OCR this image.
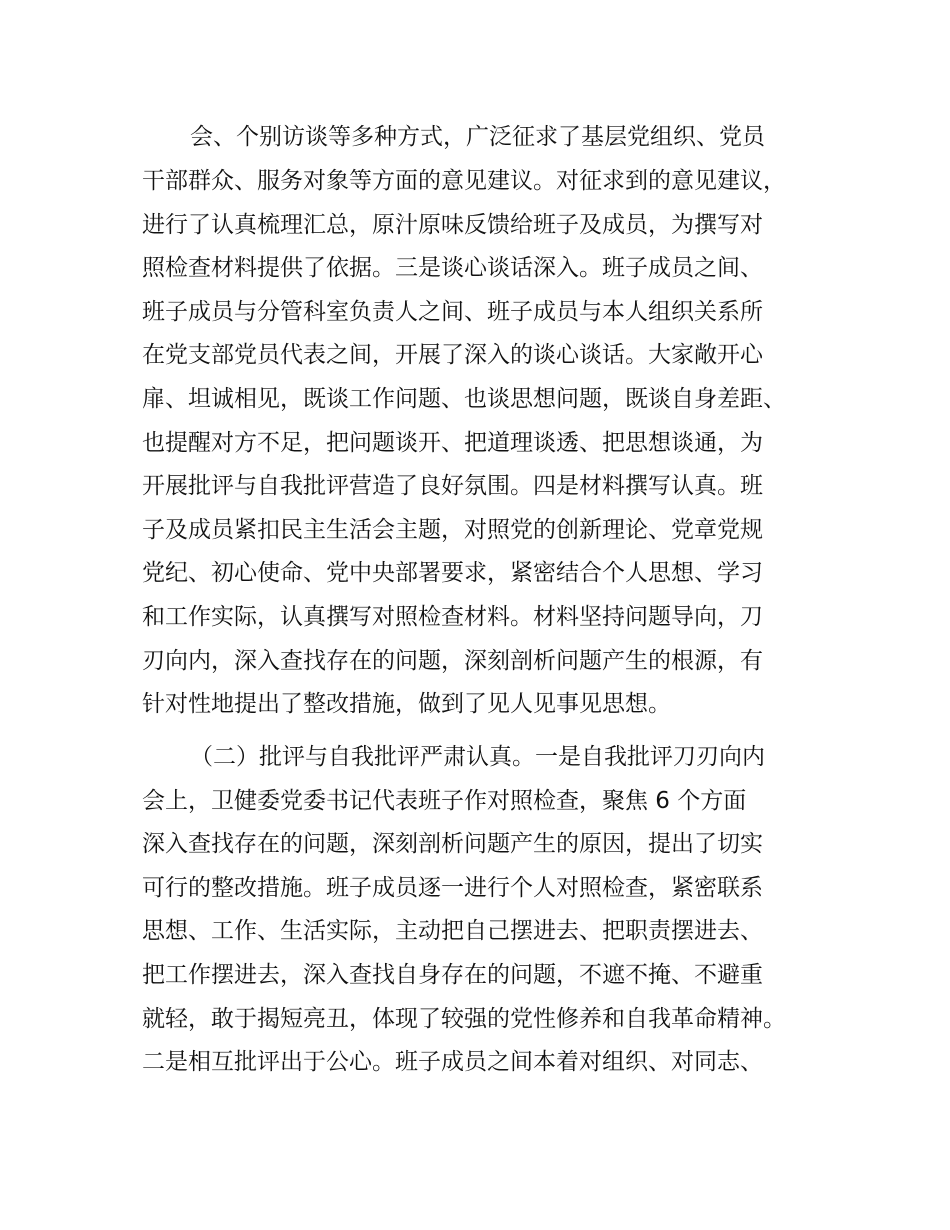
会、个别访谈等多种方式，广泛征求了基层党组织、党员
干部群众、服务对象等方面的意见建议。对征求到的意见建议，
进行了认真梳理汇总，原汁原味反馈给班子及成员，为撰写对
照检查材料提供了依据。三是谈心谈话深入。班子成员之间、
班子成员与分管科室负责人之间、班子成员与本人组织关系所
在党支部党员代表之间，开展了深入的谈心谈话。大家敞开心
扉、坦诚相见，既谈工作问题、也谈思想问题，既谈自身差距、
也提醒对方不足，把问题谈开、把道理谈透、把思想谈通，为
开展批评与自我批评营造了良好氛围。四是材料撰写认真。班
子及成员紧扣民主生活会主题，对照党的创新理论、党章党规
党纪、初心使命、党中央部署要求，紧密结合个人思想、学习
和工作实际，认真撰写对照检查材料。材料坚持问题导向，刀
刃向内，深入查找存在的问题，深刻剖析问题产生的根源，有
针对性地提出了整改措施，做到了见人见事见思想。
（二）批评与自我批评严肃认真。一是自我批评刀刃向内
会上，卫健委党委书记代表班子作对照检查，聚焦 6 个方面
深入查找存在的问题，深刻剖析问题产生的原因，提出了切实
可行的整改措施。班子成员逐一进行个人对照检查，紧密联系
思想、工作、生活实际，主动把自己摆进去、把职责摆进去、
把工作摆进去，深入查找自身存在的问题，不遮不掩、不避重
就轻，敢于揭短亮丑，体现了较强的党性修养和自我革命精神。
二是相互批评出于公心。班子成员之间本着对组织、对同志、
